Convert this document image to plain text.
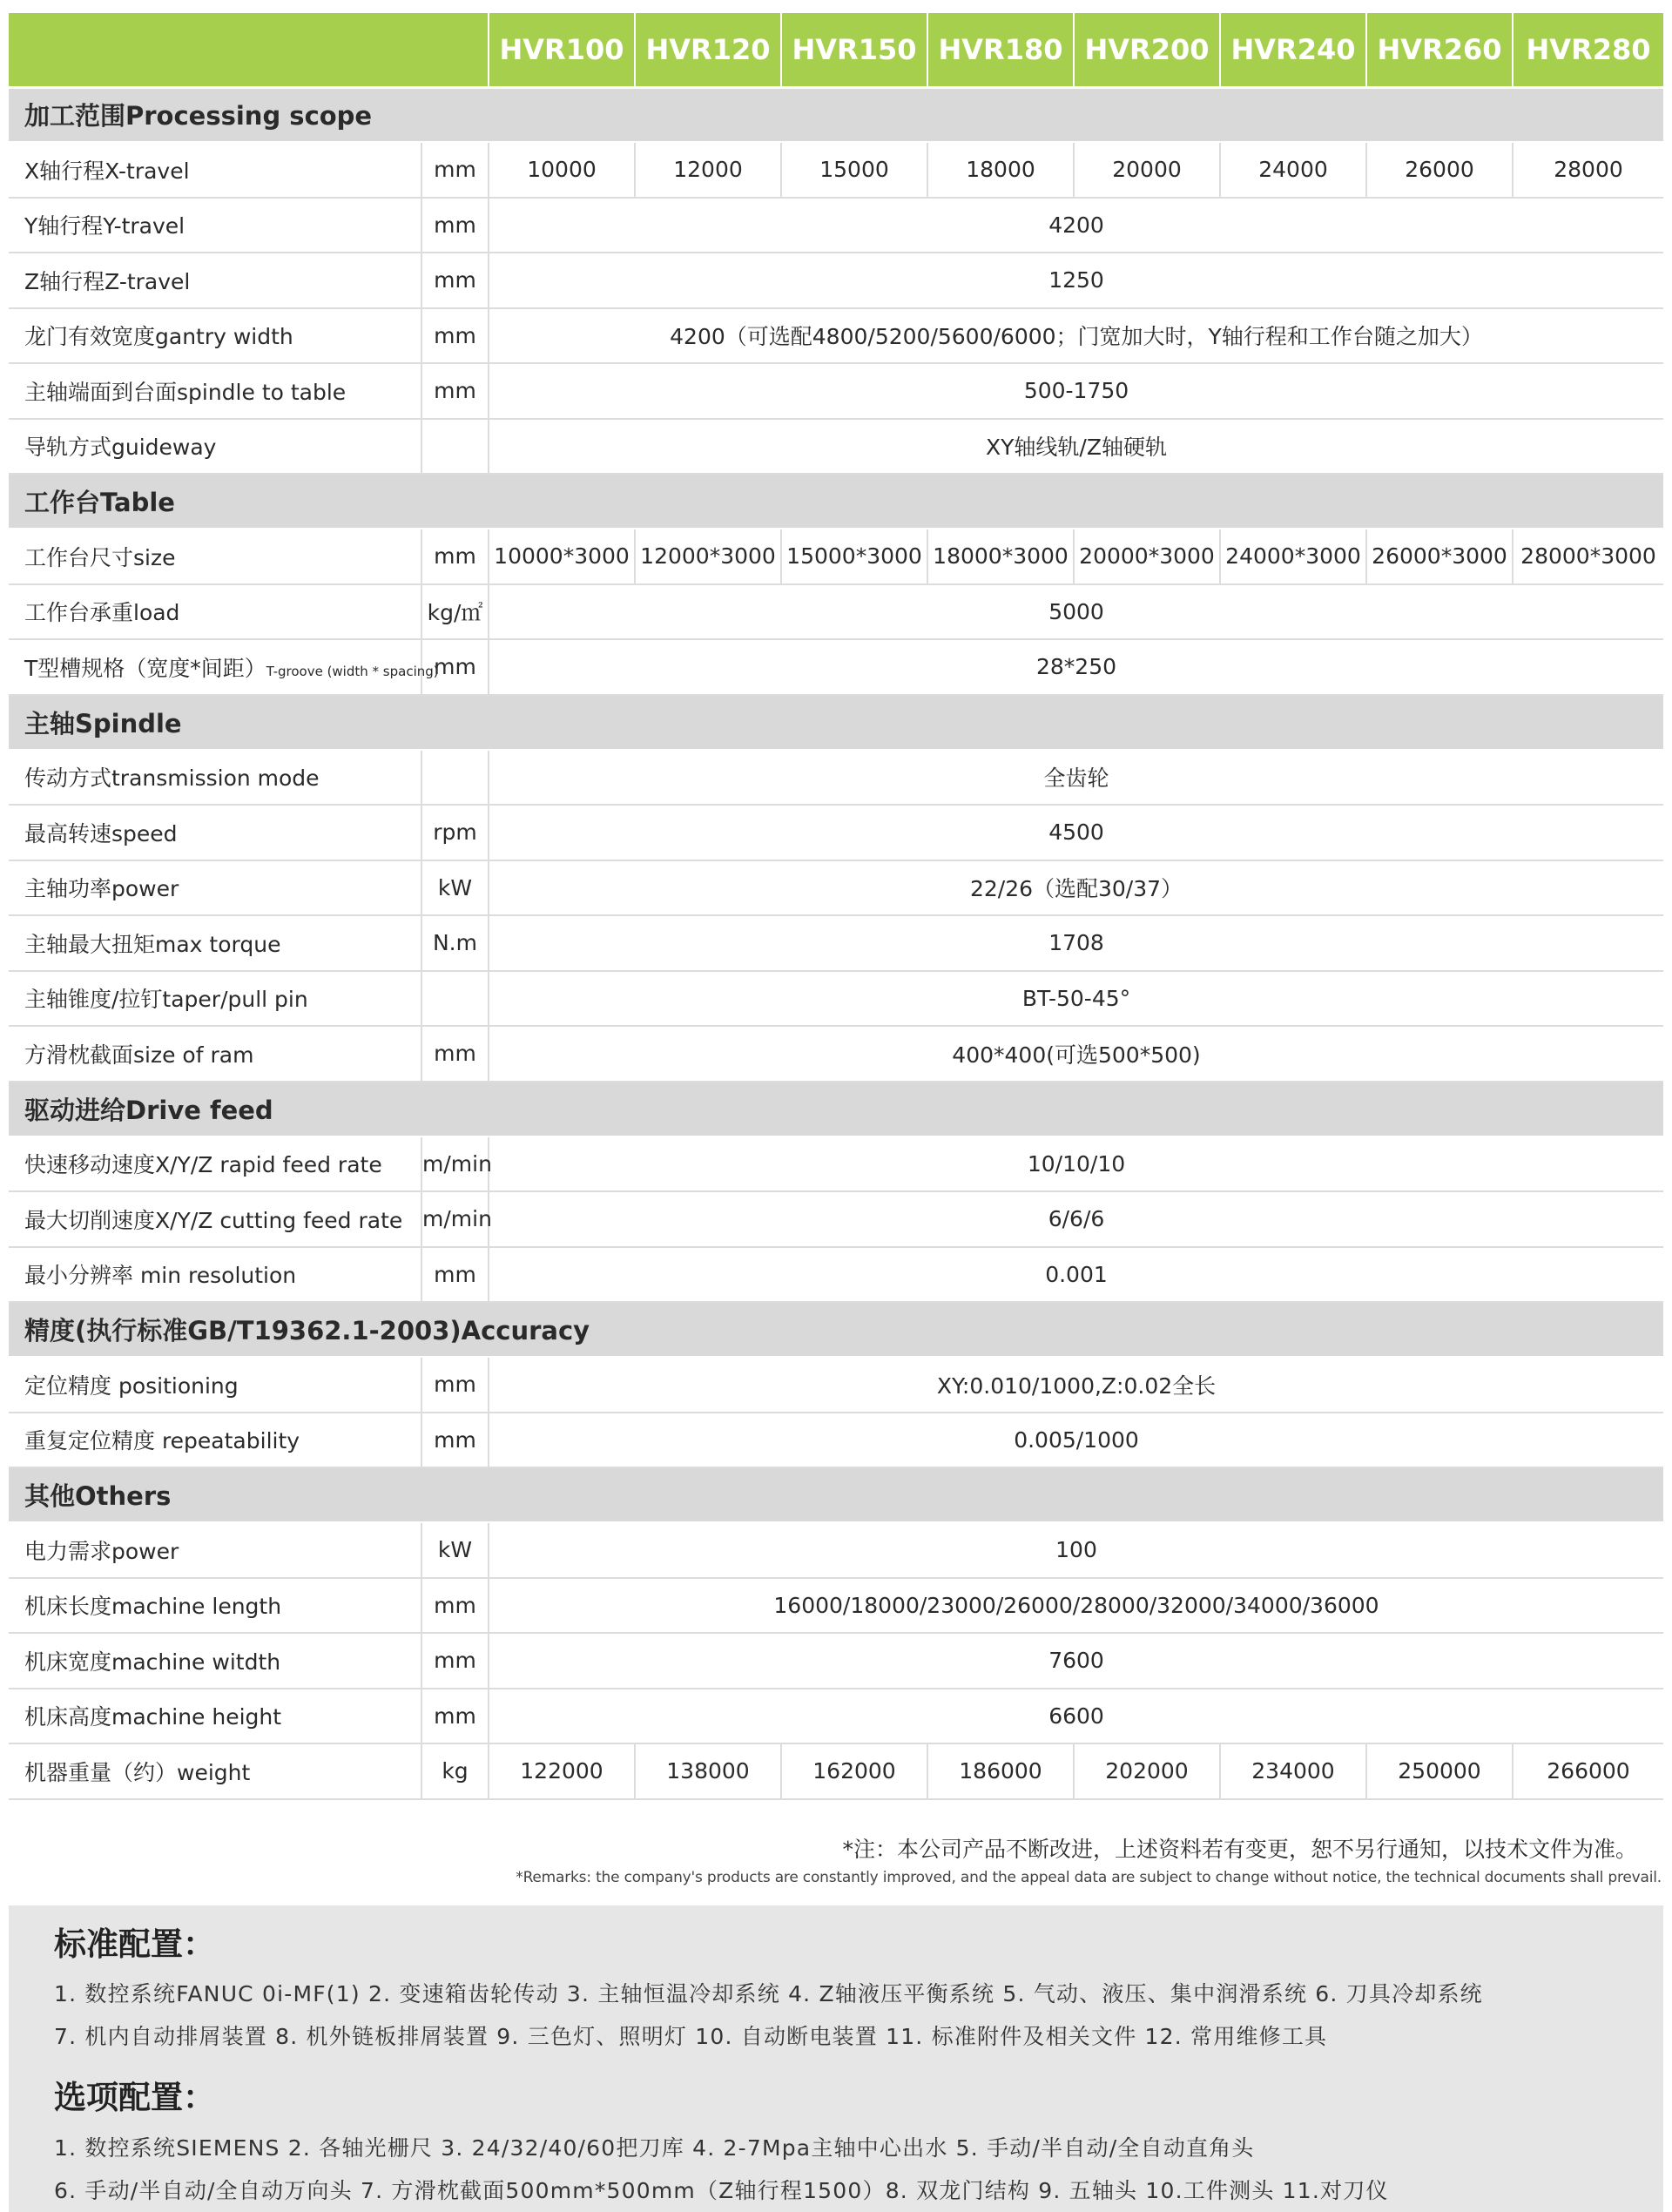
		HVR100	HVR120	HVR150	HVR180	HVR200	HVR240	HVR260	HVR280
加工范围Processing scope									
X轴行程X-travel	mm	10000	12000	15000	18000	20000	24000	26000	28000
Y轴行程Y-travel	mm	4200							
Z轴行程Z-travel	mm	1250							
龙门有效宽度gantry width	mm	4200（可选配4800/5200/5600/6000；门宽加大时，Y轴行程和工作台随之加大）							
主轴端面到台面spindle to table	mm	500-1750							
导轨方式guideway		XY轴线轨/Z轴硬轨							
工作台Table									
工作台尺寸size	mm	10000*3000	12000*3000	15000*3000	18000*3000	20000*3000	24000*3000	26000*3000	28000*3000
工作台承重load	kg/㎡	5000							
T型槽规格（宽度*间距）T-groove (width * spacing)	mm	28*250							
主轴Spindle									
传动方式transmission mode		全齿轮							
最高转速speed	rpm	4500							
主轴功率power	kW	22/26（选配30/37）							
主轴最大扭矩max torque	N.m	1708							
主轴锥度/拉钉taper/pull pin		BT-50-45°							
方滑枕截面size of ram	mm	400*400(可选500*500)							
驱动进给Drive feed									
快速移动速度X/Y/Z rapid feed rate	m/min	10/10/10							
最大切削速度X/Y/Z cutting feed rate	m/min	6/6/6							
最小分辨率 min resolution	mm	0.001							
精度(执行标准GB/T19362.1-2003)Accuracy									
定位精度 positioning	mm	XY:0.010/1000,Z:0.02全长							
重复定位精度 repeatability	mm	0.005/1000							
其他Others									
电力需求power	kW	100							
机床长度machine length	mm	16000/18000/23000/26000/28000/32000/34000/36000							
机床宽度machine witdth	mm	7600							
机床高度machine height	mm	6600							
机器重量（约）weight	kg	122000	138000	162000	186000	202000	234000	250000	266000
*注：本公司产品不断改进，上述资料若有变更，恕不另行通知，以技术文件为准。
*Remarks: the company's products are constantly improved, and the appeal data are subject to change without notice, the technical documents shall prevail.
标准配置：
1. 数控系统FANUC 0i-MF(1) 2. 变速箱齿轮传动 3. 主轴恒温冷却系统 4. Z轴液压平衡系统 5. 气动、液压、集中润滑系统 6. 刀具冷却系统
7. 机内自动排屑装置 8. 机外链板排屑装置 9. 三色灯、照明灯 10. 自动断电装置 11. 标准附件及相关文件 12. 常用维修工具
选项配置：
1. 数控系统SIEMENS 2. 各轴光栅尺 3. 24/32/40/60把刀库 4. 2-7Mpa主轴中心出水 5. 手动/半自动/全自动直角头
6. 手动/半自动/全自动万向头 7. 方滑枕截面500mm*500mm（Z轴行程1500）8. 双龙门结构 9. 五轴头 10.工件测头 11.对刀仪
